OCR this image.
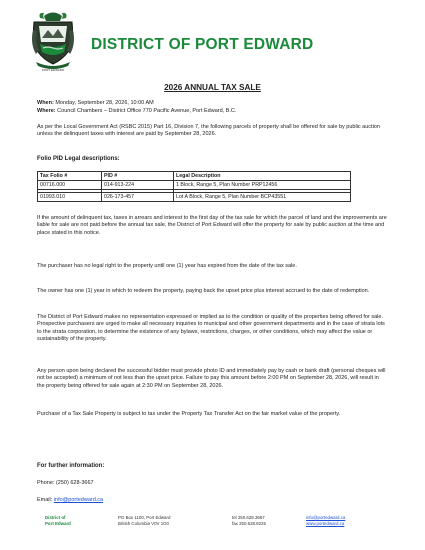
PORT EDWARD
DISTRICT OF PORT EDWARD
2026 ANNUAL TAX SALE
When: Monday, September 28, 2026, 10:00 AM
Where: Council Chambers – District Office 770 Pacific Avenue, Port Edward, B.C.
As per the Local Government Act (RSBC 2015) Part 16, Division 7, the following parcels of property shall be offered for sale by public auction unless the delinquent taxes with interest are paid by September 28, 2026.
Folio PID Legal descriptions:
Tax Folio #	PID #	Legal Description
00716.000	014-913-224	1 Block, Range 5, Plan Number PRP12456

01993.010	026-173-457	Lot A Block, Range 5, Plan Number BCP43551
If the amount of delinquent tax, taxes in arrears and interest to the first day of the tax sale for which the parcel of land and the improvements are liable for sale are not paid before the annual tax sale, the District of Port Edward will offer the property for sale by public auction at the time and place stated in this notice.
The purchaser has no legal right to the property until one (1) year has expired from the date of the tax sale.
The owner has one (1) year in which to redeem the property, paying back the upset price plus interest accrued to the date of redemption.
The District of Port Edward makes no representation expressed or implied as to the condition or quality of the properties being offered for sale. Prospective purchasers are urged to make all necessary inquiries to municipal and other government departments and in the case of strata lots to the strata corporation, to determine the existence of any bylaws, restrictions, charges, or other conditions, which may affect the value or sustainability of the property.
Any person upon being declared the successful bidder must provide photo ID and immediately pay by cash or bank draft (personal cheques will not be accepted) a minimum of not less than the upset price. Failure to pay this amount before 2:00 PM on September 28, 2026, will result in the property being offered for sale again at 2:30 PM on September 28, 2026.
Purchase of a Tax Sale Property is subject to tax under the Property Tax Transfer Act on the fair market value of the property.
For further information:
Phone: (250) 628-3667
Email: info@portedward.ca
District of
Port Edward
PO Box 1100, Port Edward
British Columbia V0V 1G0
tel 250.628.3667
fax 250.628.9225
info@portedward.ca
www.portedward.ca
